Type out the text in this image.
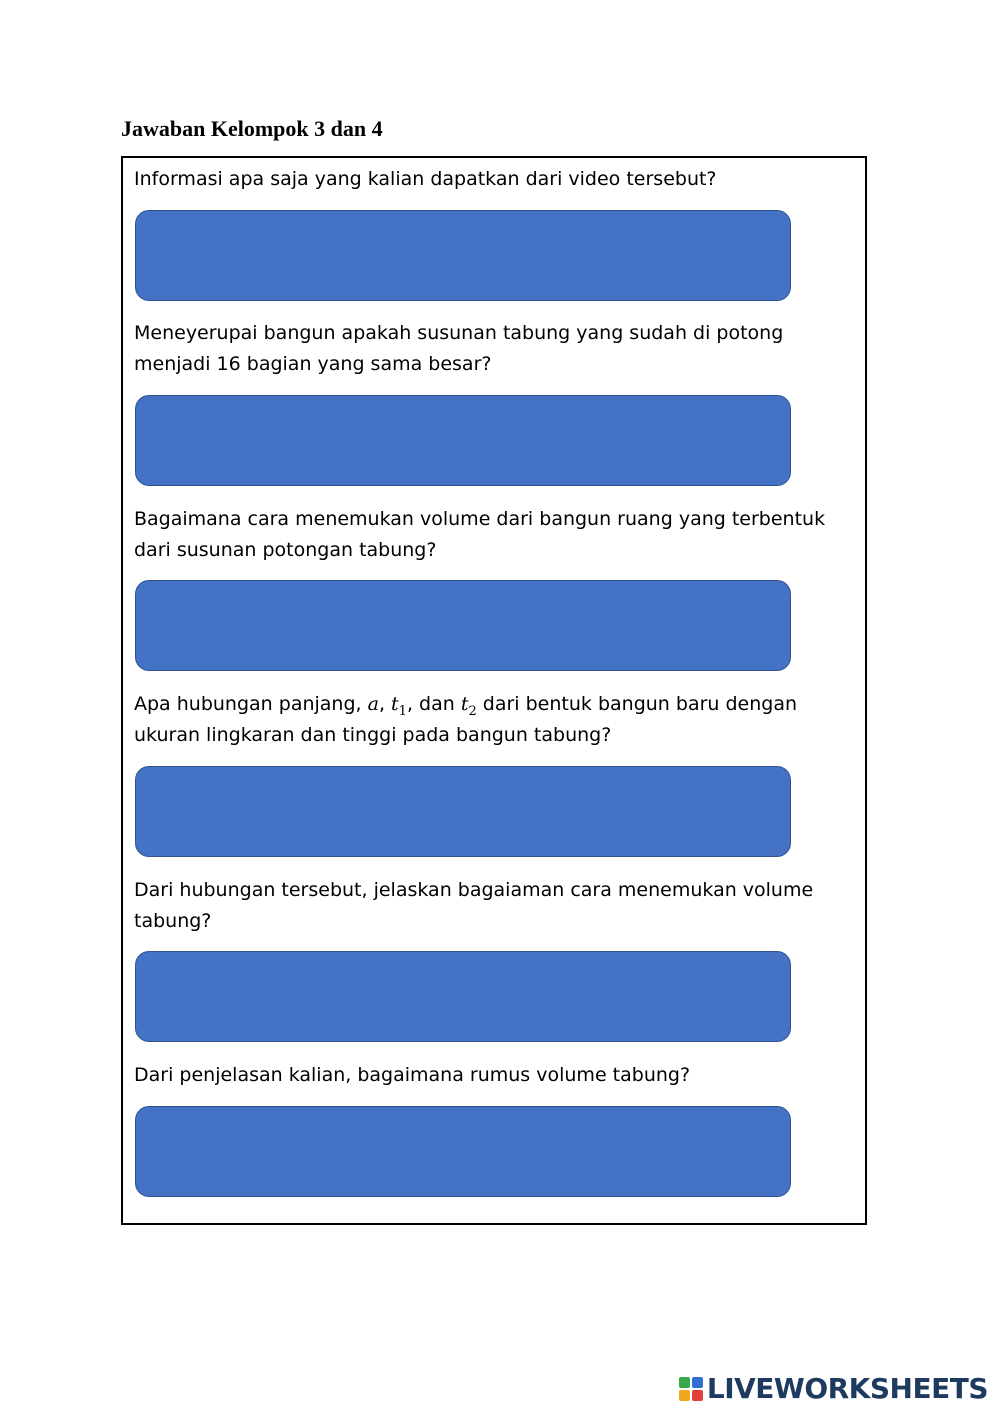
Jawaban Kelompok 3 dan 4
Informasi apa saja yang kalian dapatkan dari video tersebut?
Meneyerupai bangun apakah susunan tabung yang sudah di potong menjadi 16 bagian yang sama besar?
Bagaimana cara menemukan volume dari bangun ruang yang terbentuk dari susunan potongan tabung?
Apa hubungan panjang, a, $t_1$, dan $t_2$ dari bentuk bangun baru dengan ukuran lingkaran dan tinggi pada bangun tabung?
Dari hubungan tersebut, jelaskan bagaiaman cara menemukan volume tabung?
Dari penjelasan kalian, bagaimana rumus volume tabung?
LIVEWORKSHEETS
